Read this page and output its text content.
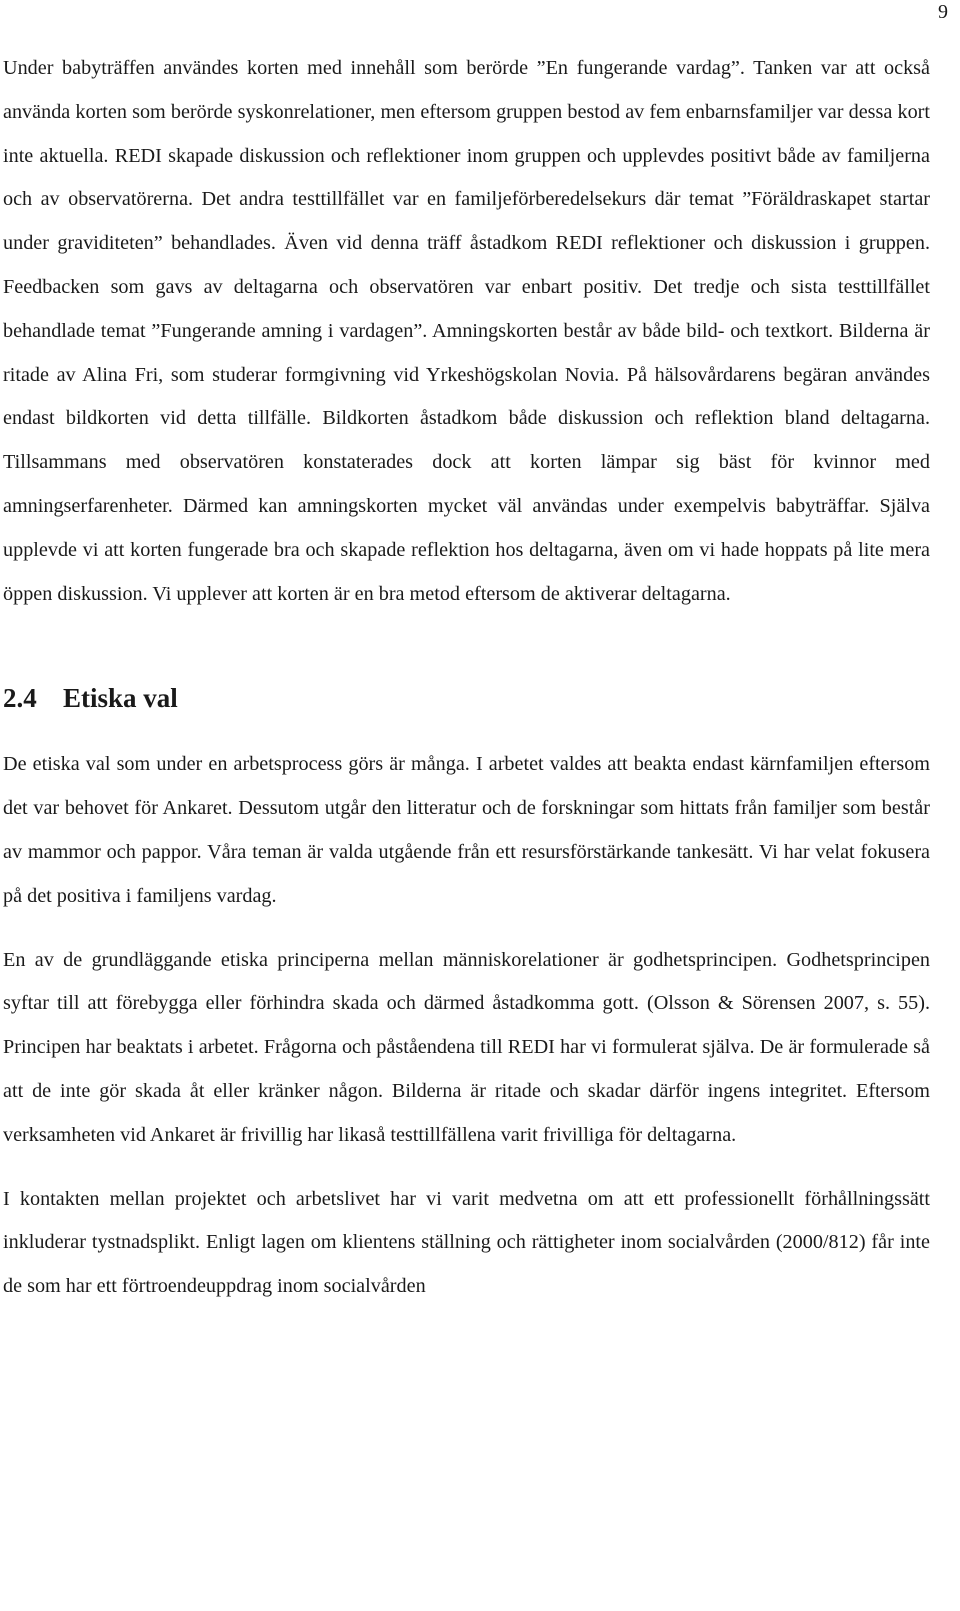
9

Under babyträffen användes korten med innehåll som berörde ”En fungerande vardag”. Tanken var att också använda korten som berörde syskonrelationer, men eftersom gruppen bestod av fem enbarnsfamiljer var dessa kort inte aktuella. REDI skapade diskussion och reflektioner inom gruppen och upplevdes positivt både av familjerna och av observatörerna. Det andra testtillfället var en familjeförberedelsekurs där temat ”Föräldraskapet startar under graviditeten” behandlades. Även vid denna träff åstadkom REDI reflektioner och diskussion i gruppen. Feedbacken som gavs av deltagarna och observatören var enbart positiv. Det tredje och sista testtillfället behandlade temat ”Fungerande amning i vardagen”. Amningskorten består av både bild- och textkort. Bilderna är ritade av Alina Fri, som studerar formgivning vid Yrkeshögskolan Novia. På hälsovårdarens begäran användes endast bildkorten vid detta tillfälle. Bildkorten åstadkom både diskussion och reflektion bland deltagarna. Tillsammans med observatören konstaterades dock att korten lämpar sig bäst för kvinnor med amningserfarenheter. Därmed kan amningskorten mycket väl användas under exempelvis babyträffar. Själva upplevde vi att korten fungerade bra och skapade reflektion hos deltagarna, även om vi hade hoppats på lite mera öppen diskussion. Vi upplever att korten är en bra metod eftersom de aktiverar deltagarna.

2.4 Etiska val

De etiska val som under en arbetsprocess görs är många. I arbetet valdes att beakta endast kärnfamiljen eftersom det var behovet för Ankaret. Dessutom utgår den litteratur och de forskningar som hittats från familjer som består av mammor och pappor. Våra teman är valda utgående från ett resursförstärkande tankesätt. Vi har velat fokusera på det positiva i familjens vardag.

En av de grundläggande etiska principerna mellan människorelationer är godhetsprincipen. Godhetsprincipen syftar till att förebygga eller förhindra skada och därmed åstadkomma gott. (Olsson & Sörensen 2007, s. 55). Principen har beaktats i arbetet. Frågorna och påståendena till REDI har vi formulerat själva. De är formulerade så att de inte gör skada åt eller kränker någon. Bilderna är ritade och skadar därför ingens integritet. Eftersom verksamheten vid Ankaret är frivillig har likaså testtillfällena varit frivilliga för deltagarna.

I kontakten mellan projektet och arbetslivet har vi varit medvetna om att ett professionellt förhållningssätt inkluderar tystnadsplikt. Enligt lagen om klientens ställning och rättigheter inom socialvården (2000/812) får inte de som har ett förtroendeuppdrag inom socialvården
